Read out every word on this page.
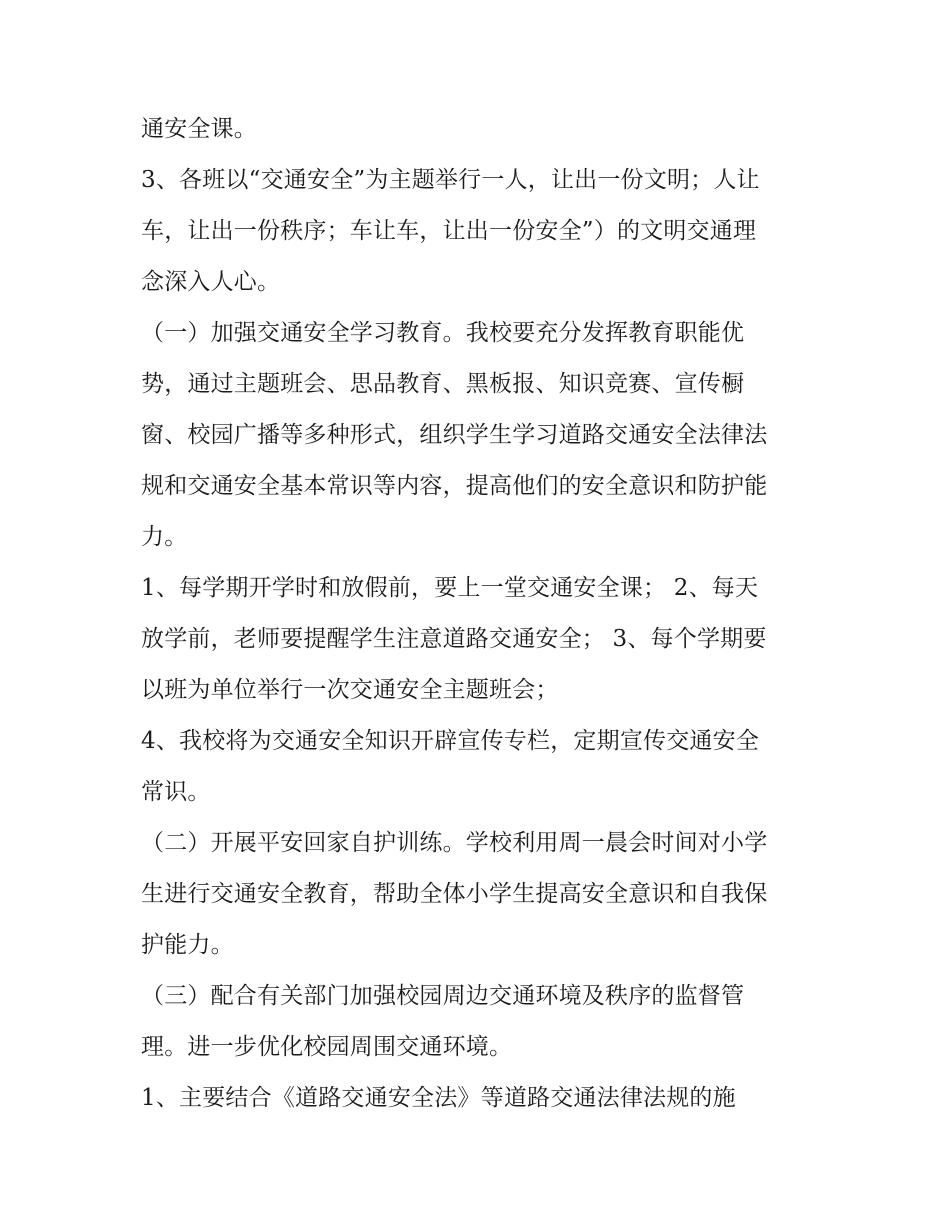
通安全课。
3、各班以“交通安全”为主题举行一人，让出一份文明；人让
车，让出一份秩序；车让车，让出一份安全”）的文明交通理
念深入人心。
（一）加强交通安全学习教育。我校要充分发挥教育职能优
势，通过主题班会、思品教育、黑板报、知识竞赛、宣传橱
窗、校园广播等多种形式，组织学生学习道路交通安全法律法
规和交通安全基本常识等内容，提高他们的安全意识和防护能
力。
1、每学期开学时和放假前，要上一堂交通安全课； 2、每天
放学前，老师要提醒学生注意道路交通安全； 3、每个学期要
以班为单位举行一次交通安全主题班会；
4、我校将为交通安全知识开辟宣传专栏，定期宣传交通安全
常识。
（二）开展平安回家自护训练。学校利用周一晨会时间对小学
生进行交通安全教育，帮助全体小学生提高安全意识和自我保
护能力。
（三）配合有关部门加强校园周边交通环境及秩序的监督管
理。进一步优化校园周围交通环境。
1、主要结合《道路交通安全法》等道路交通法律法规的施
